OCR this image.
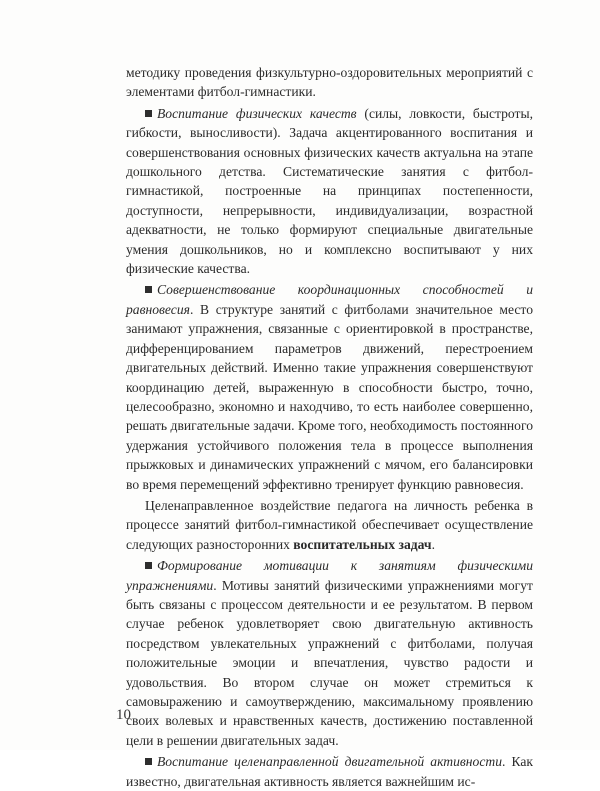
методику проведения физкультурно-оздоровительных мероприятий с элементами фитбол-гимнастики.

Воспитание физических качеств (силы, ловкости, быстроты, гибкости, выносливости). Задача акцентированного воспитания и совершенствования основных физических качеств актуальна на этапе дошкольного детства. Систематические занятия с фитбол-гимнастикой, построенные на принципах постепенности, доступности, непрерывности, индивидуализации, возрастной адекватности, не только формируют специальные двигательные умения дошкольников, но и комплексно воспитывают у них физические качества.

Совершенствование координационных способностей и равновесия. В структуре занятий с фитболами значительное место занимают упражнения, связанные с ориентировкой в пространстве, дифференцированием параметров движений, перестроением двигательных действий. Именно такие упражнения совершенствуют координацию детей, выраженную в способности быстро, точно, целесообразно, экономно и находчиво, то есть наиболее совершенно, решать двигательные задачи. Кроме того, необходимость постоянного удержания устойчивого положения тела в процессе выполнения прыжковых и динамических упражнений с мячом, его балансировки во время перемещений эффективно тренирует функцию равновесия.

Целенаправленное воздействие педагога на личность ребенка в процессе занятий фитбол-гимнастикой обеспечивает осуществление следующих разносторонних воспитательных задач.

Формирование мотивации к занятиям физическими упражнениями. Мотивы занятий физическими упражнениями могут быть связаны с процессом деятельности и ее результатом. В первом случае ребенок удовлетворяет свою двигательную активность посредством увлекательных упражнений с фитболами, получая положительные эмоции и впечатления, чувство радости и удовольствия. Во втором случае он может стремиться к самовыражению и самоутверждению, максимальному проявлению своих волевых и нравственных качеств, достижению поставленной цели в решении двигательных задач.

Воспитание целенаправленной двигательной активности. Как известно, двигательная активность является важнейшим ис-

10
